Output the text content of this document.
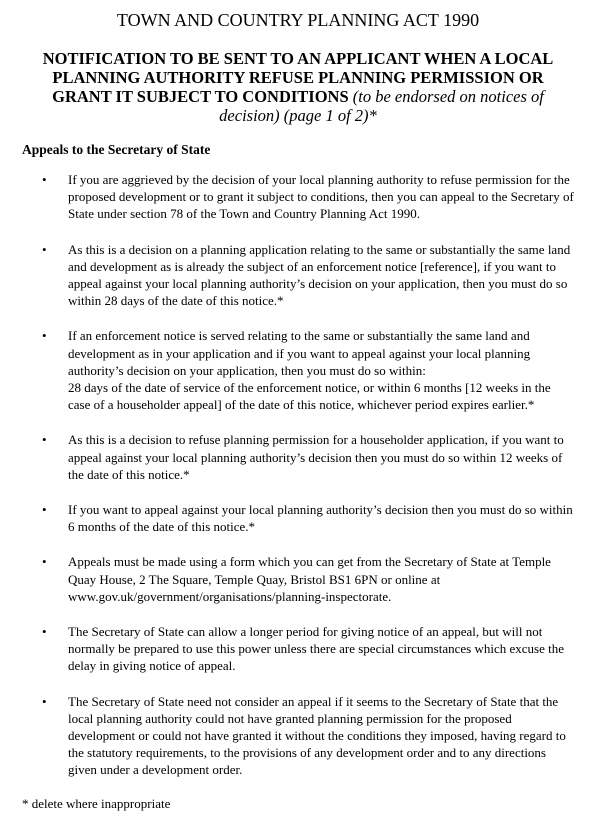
TOWN AND COUNTRY PLANNING ACT 1990
NOTIFICATION TO BE SENT TO AN APPLICANT WHEN A LOCAL PLANNING AUTHORITY REFUSE PLANNING PERMISSION OR GRANT IT SUBJECT TO CONDITIONS (to be endorsed on notices of decision) (page 1 of 2)*
Appeals to the Secretary of State
• If you are aggrieved by the decision of your local planning authority to refuse permission for the proposed development or to grant it subject to conditions, then you can appeal to the Secretary of State under section 78 of the Town and Country Planning Act 1990.
• As this is a decision on a planning application relating to the same or substantially the same land and development as is already the subject of an enforcement notice [reference], if you want to appeal against your local planning authority’s decision on your application, then you must do so within 28 days of the date of this notice.*
• If an enforcement notice is served relating to the same or substantially the same land and development as in your application and if you want to appeal against your local planning authority’s decision on your application, then you must do so within:
28 days of the date of service of the enforcement notice, or within 6 months [12 weeks in the case of a householder appeal] of the date of this notice, whichever period expires earlier.*
• As this is a decision to refuse planning permission for a householder application, if you want to appeal against your local planning authority’s decision then you must do so within 12 weeks of the date of this notice.*
• If you want to appeal against your local planning authority’s decision then you must do so within 6 months of the date of this notice.*
• Appeals must be made using a form which you can get from the Secretary of State at Temple Quay House, 2 The Square, Temple Quay, Bristol BS1 6PN or online at www.gov.uk/government/organisations/planning-inspectorate.
• The Secretary of State can allow a longer period for giving notice of an appeal, but will not normally be prepared to use this power unless there are special circumstances which excuse the delay in giving notice of appeal.
• The Secretary of State need not consider an appeal if it seems to the Secretary of State that the local planning authority could not have granted planning permission for the proposed development or could not have granted it without the conditions they imposed, having regard to the statutory requirements, to the provisions of any development order and to any directions given under a development order.
* delete where inappropriate
